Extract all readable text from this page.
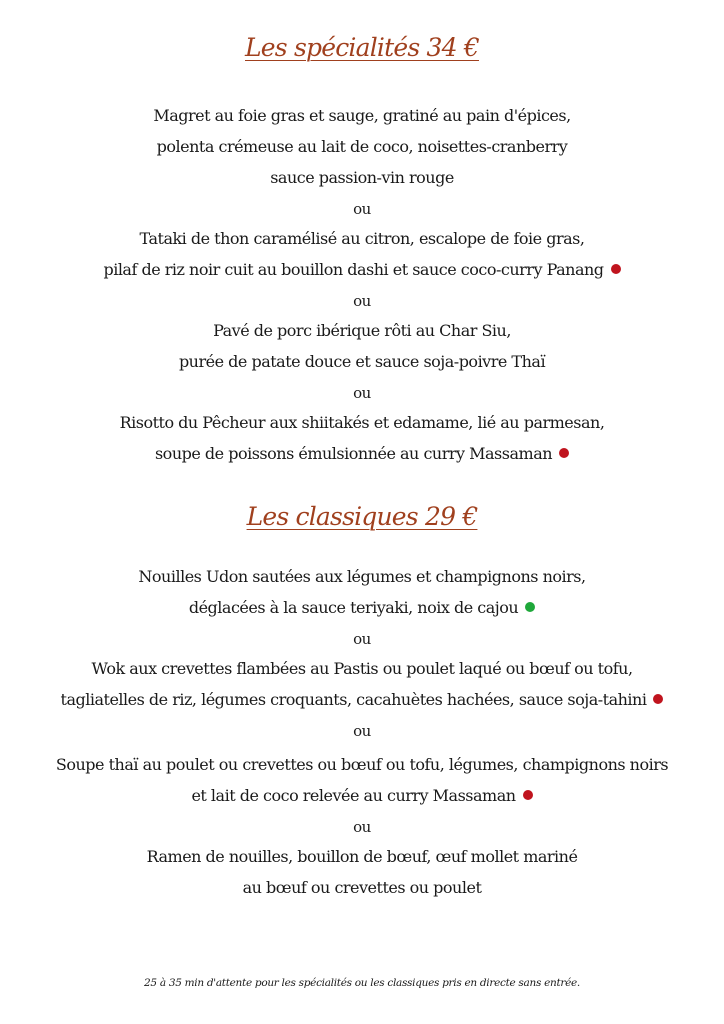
Les spécialités 34 €
Magret au foie gras et sauge, gratiné au pain d'épices,
polenta crémeuse au lait de coco, noisettes-cranberry
sauce passion-vin rouge
ou
Tataki de thon caramélisé au citron, escalope de foie gras,
pilaf de riz noir cuit au bouillon dashi et sauce coco-curry Panang
ou
Pavé de porc ibérique rôti au Char Siu,
purée de patate douce et sauce soja-poivre Thaï
ou
Risotto du Pêcheur aux shiitakés et edamame, lié au parmesan,
soupe de poissons émulsionnée au curry Massaman
Les classiques 29 €
Nouilles Udon sautées aux légumes et champignons noirs,
déglacées à la sauce teriyaki, noix de cajou
ou
Wok aux crevettes flambées au Pastis ou poulet laqué ou bœuf ou tofu,
tagliatelles de riz, légumes croquants, cacahuètes hachées, sauce soja-tahini
ou
Soupe thaï au poulet ou crevettes ou bœuf ou tofu, légumes, champignons noirs
et lait de coco relevée au curry Massaman
ou
Ramen de nouilles, bouillon de bœuf, œuf mollet mariné
au bœuf ou crevettes ou poulet
25 à 35 min d'attente pour les spécialités ou les classiques pris en directe sans entrée.
